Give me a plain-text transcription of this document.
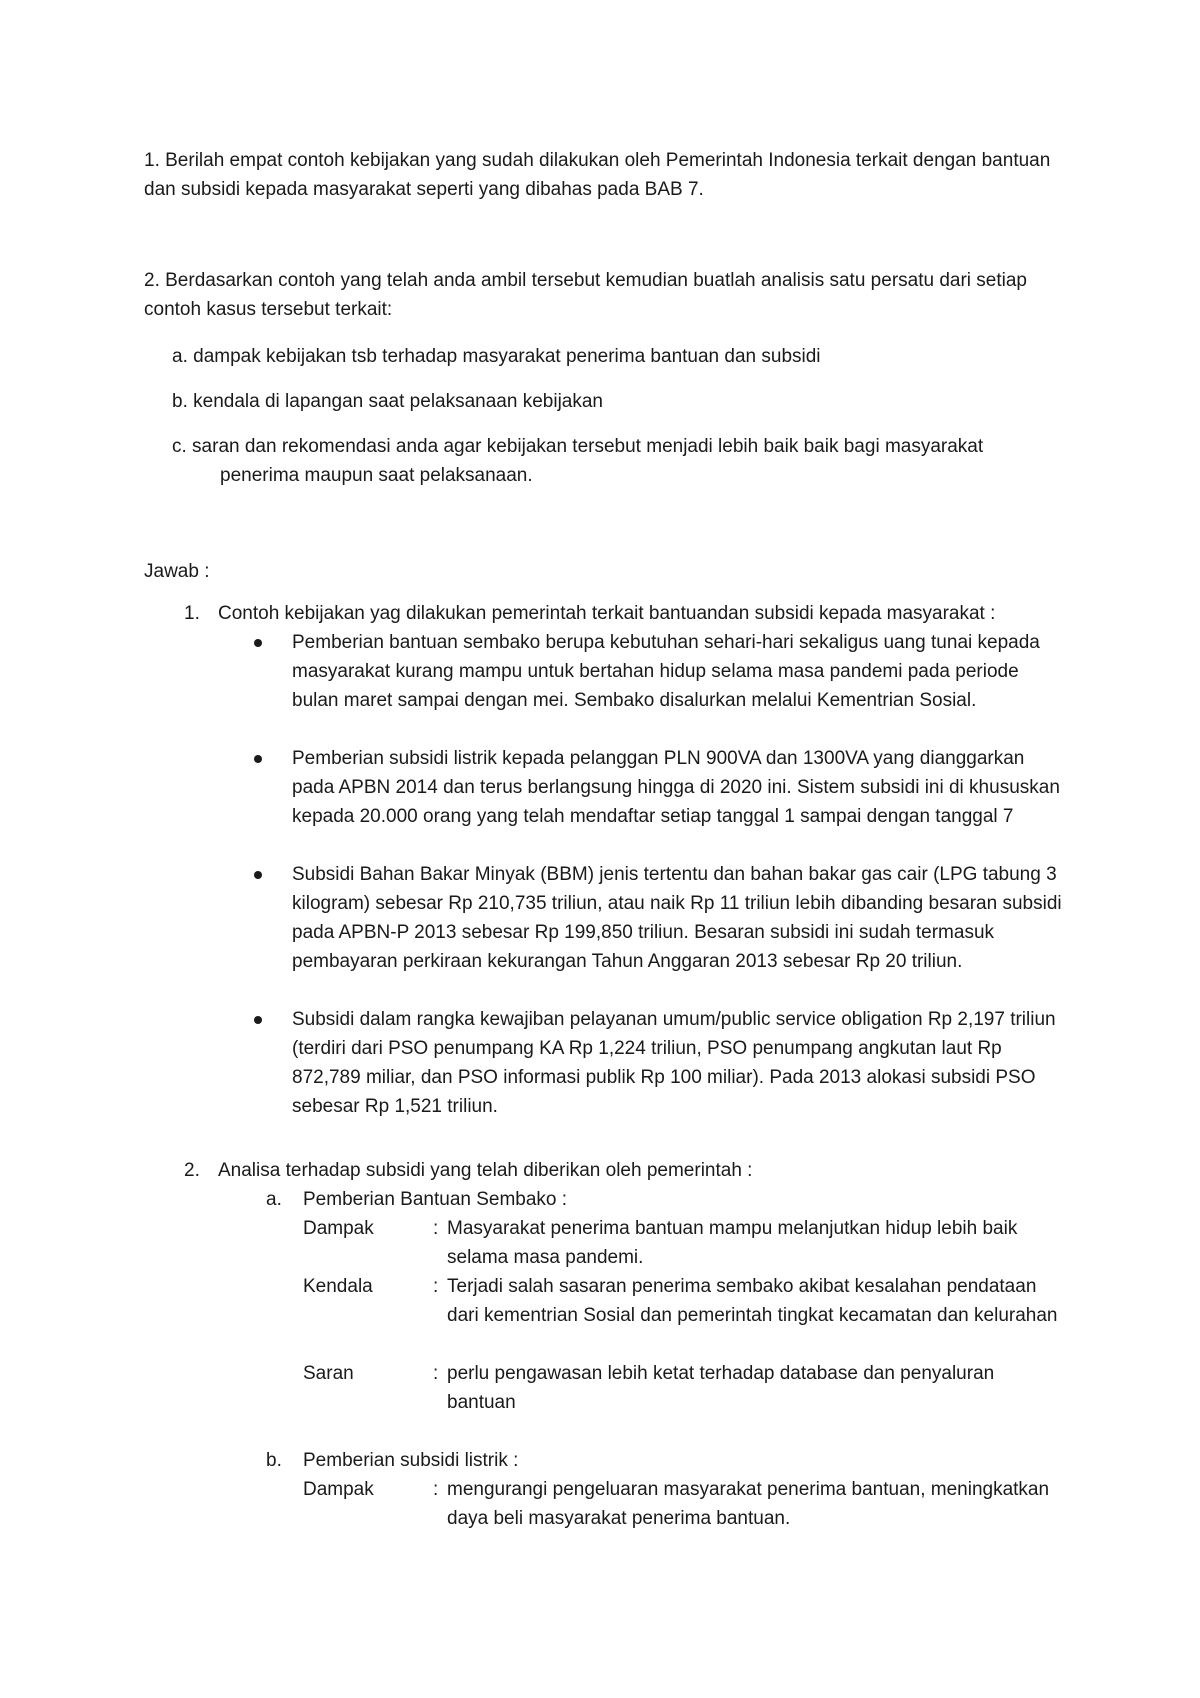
1. Berilah empat contoh kebijakan yang sudah dilakukan oleh Pemerintah Indonesia terkait dengan bantuan dan subsidi kepada masyarakat seperti yang dibahas pada BAB 7.

2. Berdasarkan contoh yang telah anda ambil tersebut kemudian buatlah analisis satu persatu dari setiap contoh kasus tersebut terkait:

a. dampak kebijakan tsb terhadap masyarakat penerima bantuan dan subsidi

b. kendala di lapangan saat pelaksanaan kebijakan

c. saran dan rekomendasi anda agar kebijakan tersebut menjadi lebih baik baik bagi masyarakat
penerima maupun saat pelaksanaan.

Jawab :

1. Contoh kebijakan yag dilakukan pemerintah terkait bantuandan subsidi kepada masyarakat :

Pemberian bantuan sembako berupa kebutuhan sehari-hari sekaligus uang tunai kepada masyarakat kurang mampu untuk bertahan hidup selama masa pandemi pada periode bulan maret sampai dengan mei. Sembako disalurkan melalui Kementrian Sosial.
Pemberian subsidi listrik kepada pelanggan PLN 900VA dan 1300VA yang dianggarkan pada APBN 2014 dan terus berlangsung hingga di 2020 ini. Sistem subsidi ini di khususkan kepada 20.000 orang yang telah mendaftar setiap tanggal 1 sampai dengan tanggal 7
Subsidi Bahan Bakar Minyak (BBM) jenis tertentu dan bahan bakar gas cair (LPG tabung 3 kilogram) sebesar Rp 210,735 triliun, atau naik Rp 11 triliun lebih dibanding besaran subsidi pada APBN-P 2013 sebesar Rp 199,850 triliun. Besaran subsidi ini sudah termasuk pembayaran perkiraan kekurangan Tahun Anggaran 2013 sebesar Rp 20 triliun.
Subsidi dalam rangka kewajiban pelayanan umum/public service obligation Rp 2,197 triliun (terdiri dari PSO penumpang KA Rp 1,224 triliun, PSO penumpang angkutan laut Rp 872,789 miliar, dan PSO informasi publik Rp 100 miliar). Pada 2013 alokasi subsidi PSO sebesar Rp 1,521 triliun.
2. Analisa terhadap subsidi yang telah diberikan oleh pemerintah :

a. Pemberian Bantuan Sembako :

Dampak	: Masyarakat penerima bantuan mampu melanjutkan hidup lebih baik selama masa pandemi.
Kendala	: Terjadi salah sasaran penerima sembako akibat kesalahan pendataan dari kementrian Sosial dan pemerintah tingkat kecamatan dan kelurahan
Saran	: perlu pengawasan lebih ketat terhadap database dan penyaluran bantuan
b. Pemberian subsidi listrik :

Dampak	: mengurangi pengeluaran masyarakat penerima bantuan, meningkatkan daya beli masyarakat penerima bantuan.
